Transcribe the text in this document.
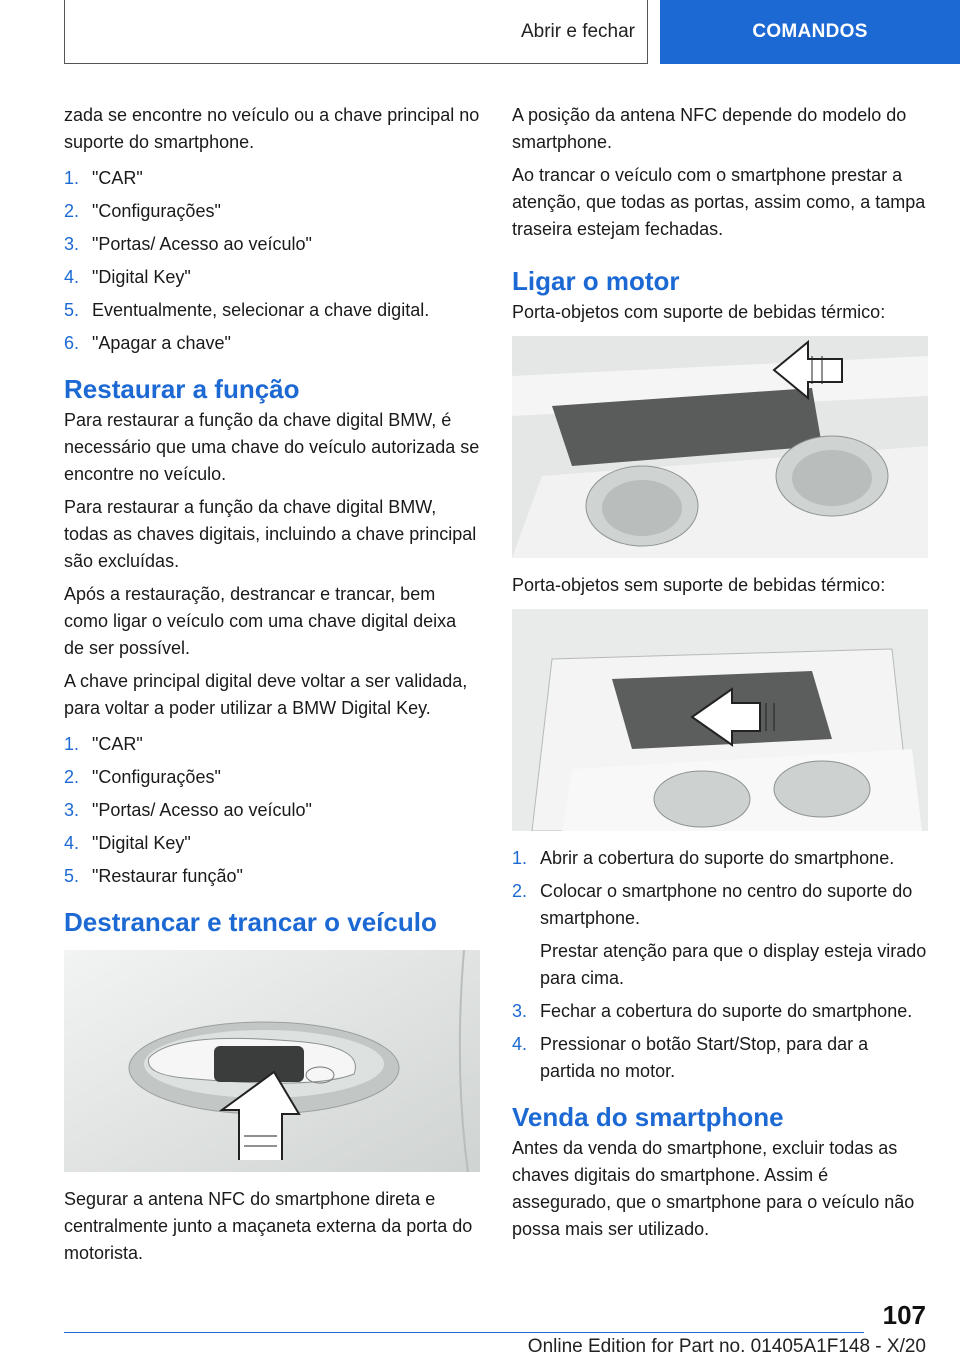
Abrir e fechar	COMANDOS

zada se encontre no veículo ou a chave principal no suporte do smartphone.

1. "CAR"
2. "Configurações"
3. "Portas/ Acesso ao veículo"
4. "Digital Key"
5. Eventualmente, selecionar a chave digital.
6. "Apagar a chave"
Restaurar a função

Para restaurar a função da chave digital BMW, é necessário que uma chave do veículo autorizada se encontre no veículo.

Para restaurar a função da chave digital BMW, todas as chaves digitais, incluindo a chave principal são excluídas.

Após a restauração, destrancar e trancar, bem como ligar o veículo com uma chave digital deixa de ser possível.

A chave principal digital deve voltar a ser validada, para voltar a poder utilizar a BMW Digital Key.

1. "CAR"
2. "Configurações"
3. "Portas/ Acesso ao veículo"
4. "Digital Key"
5. "Restaurar função"
Destrancar e trancar o veículo

Segurar a antena NFC do smartphone direta e centralmente junto a maçaneta externa da porta do motorista.

A posição da antena NFC depende do modelo do smartphone.

Ao trancar o veículo com o smartphone prestar a atenção, que todas as portas, assim como, a tampa traseira estejam fechadas.

Ligar o motor

Porta-objetos com suporte de bebidas térmico:

Porta-objetos sem suporte de bebidas térmico:

1. Abrir a cobertura do suporte do smartphone.
2. Colocar o smartphone no centro do suporte do smartphone.
Prestar atenção para que o display esteja virado para cima.
3. Fechar a cobertura do suporte do smartphone.
4. Pressionar o botão Start/Stop, para dar a partida no motor.
Venda do smartphone

Antes da venda do smartphone, excluir todas as chaves digitais do smartphone. Assim é assegurado, que o smartphone para o veículo não possa mais ser utilizado.

107
Online Edition for Part no. 01405A1F148 - X/20
